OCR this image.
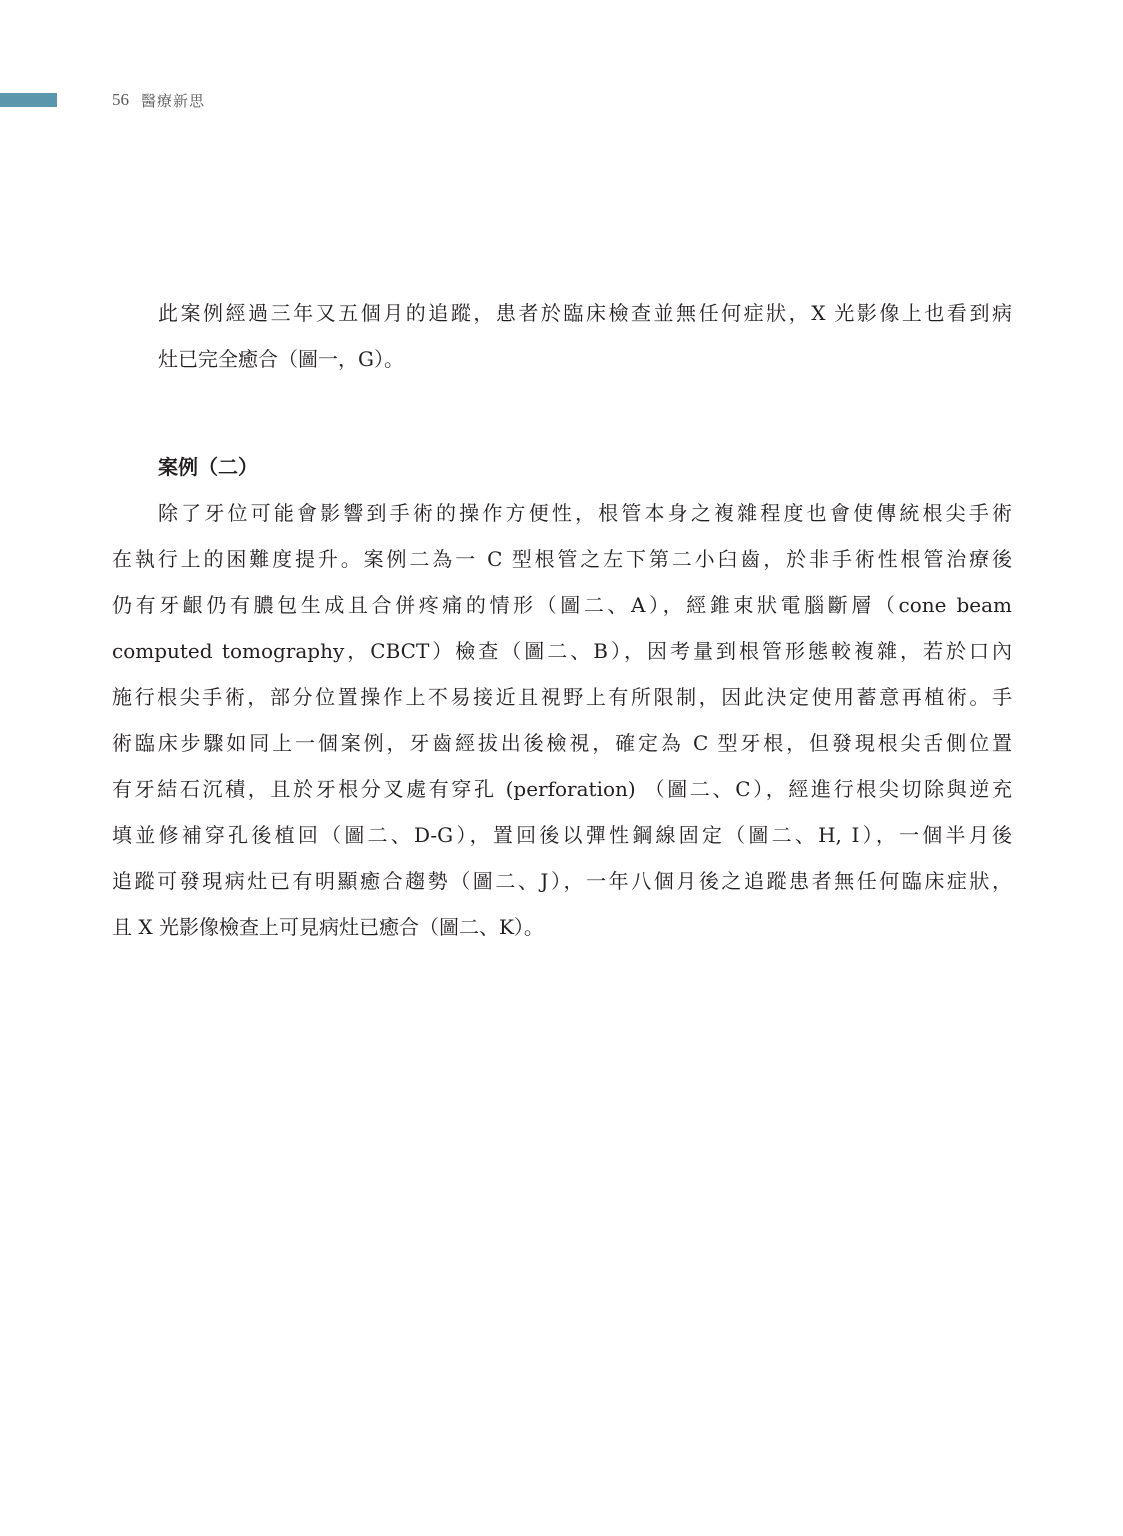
56 醫療新思
此案例經過三年又五個月的追蹤，患者於臨床檢查並無任何症狀，X 光影像上也看到病
灶已完全癒合（圖一，G）。
案例（二）
除了牙位可能會影響到手術的操作方便性，根管本身之複雜程度也會使傳統根尖手術
在執行上的困難度提升。案例二為一 C 型根管之左下第二小臼齒，於非手術性根管治療後
仍有牙齦仍有膿包生成且合併疼痛的情形（圖二、A），經錐束狀電腦斷層（cone beam
computed tomography，CBCT）檢查（圖二、B），因考量到根管形態較複雜，若於口內
施行根尖手術，部分位置操作上不易接近且視野上有所限制，因此決定使用蓄意再植術。手
術臨床步驟如同上一個案例，牙齒經拔出後檢視，確定為 C 型牙根，但發現根尖舌側位置
有牙結石沉積，且於牙根分叉處有穿孔 (perforation) （圖二、C），經進行根尖切除與逆充
填並修補穿孔後植回（圖二、D-G），置回後以彈性鋼線固定（圖二、H, I），一個半月後
追蹤可發現病灶已有明顯癒合趨勢（圖二、J），一年八個月後之追蹤患者無任何臨床症狀，
且 X 光影像檢查上可見病灶已癒合（圖二、K）。
